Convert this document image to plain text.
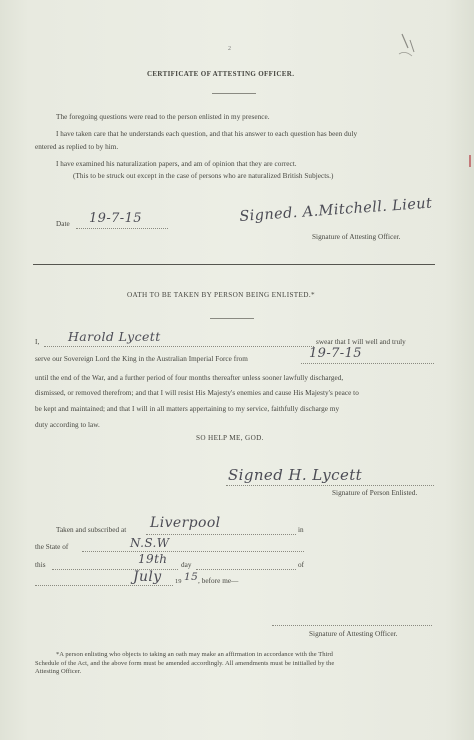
2
CERTIFICATE OF ATTESTING OFFICER.
The foregoing questions were read to the person enlisted in my presence.
I have taken care that he understands each question, and that his answer to each question has been duly
entered as replied to by him.
I have examined his naturalization papers, and am of opinion that they are correct.
(This to be struck out except in the case of persons who are naturalized British Subjects.)
Date 19-7-15	Signed. A.Mitchell. Lieut
Signature of Attesting Officer.
OATH TO BE TAKEN BY PERSON BEING ENLISTED.*
I, Harold Lycett	swear that I will well and truly
serve our Sovereign Lord the King in the Australian Imperial Force from	19-7-15
until the end of the War, and a further period of four months thereafter unless sooner lawfully discharged,
dismissed, or removed therefrom; and that I will resist His Majesty's enemies and cause His Majesty's peace to
be kept and maintained; and that I will in all matters appertaining to my service, faithfully discharge my
duty according to law.
SO HELP ME, GOD.
Signed H. Lycett
Signature of Person Enlisted.
Taken and subscribed at Liverpool	in
the State of	N.S.W
this	19th day	of
July 19 15 , before me—
Signature of Attesting Officer.
*A person enlisting who objects to taking an oath may make an affirmation in accordance with the Third
Schedule of the Act, and the above form must be amended accordingly. All amendments must be initialled by the
Attesting Officer.
